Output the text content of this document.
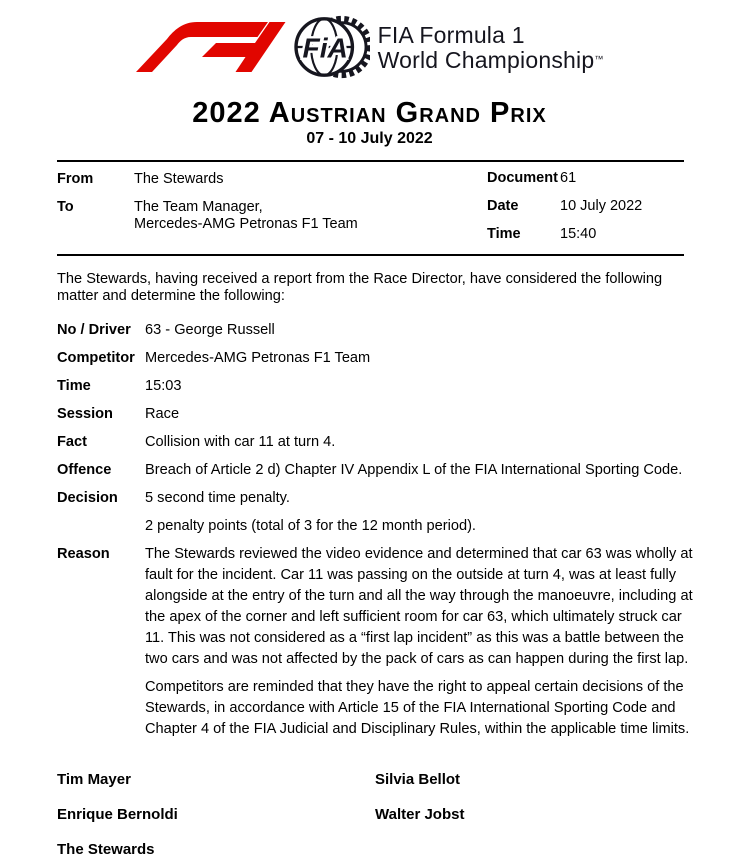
FiA FIA Formula 1
World Championship™
2022 Austrian Grand Prix
07 - 10 July 2022
From	The Stewards
To	The Team Manager,
Mercedes-AMG Petronas F1 Team
Document 61
Date	10 July 2022
Time	15:40

The Stewards, having received a report from the Race Director, have considered the following matter and determine the following:

No / Driver 63 - George Russell
Competitor Mercedes-AMG Petronas F1 Team
Time	15:03
Session	Race
Fact	Collision with car 11 at turn 4.
Offence	Breach of Article 2 d) Chapter IV Appendix L of the FIA International Sporting Code.
Decision	5 second time penalty.

2 penalty points (total of 3 for the 12 month period).

Reason	The Stewards reviewed the video evidence and determined that car 63 was wholly at fault for the incident. Car 11 was passing on the outside at turn 4, was at least fully alongside at the entry of the turn and all the way through the manoeuvre, including at the apex of the corner and left sufficient room for car 63, which ultimately struck car 11. This was not considered as a “first lap incident” as this was a battle between the two cars and was not affected by the pack of cars as can happen during the first lap.

Competitors are reminded that they have the right to appeal certain decisions of the Stewards, in accordance with Article 15 of the FIA International Sporting Code and Chapter 4 of the FIA Judicial and Disciplinary Rules, within the applicable time limits.

Tim Mayer	Silvia Bellot
Enrique Bernoldi	Walter Jobst
The Stewards
